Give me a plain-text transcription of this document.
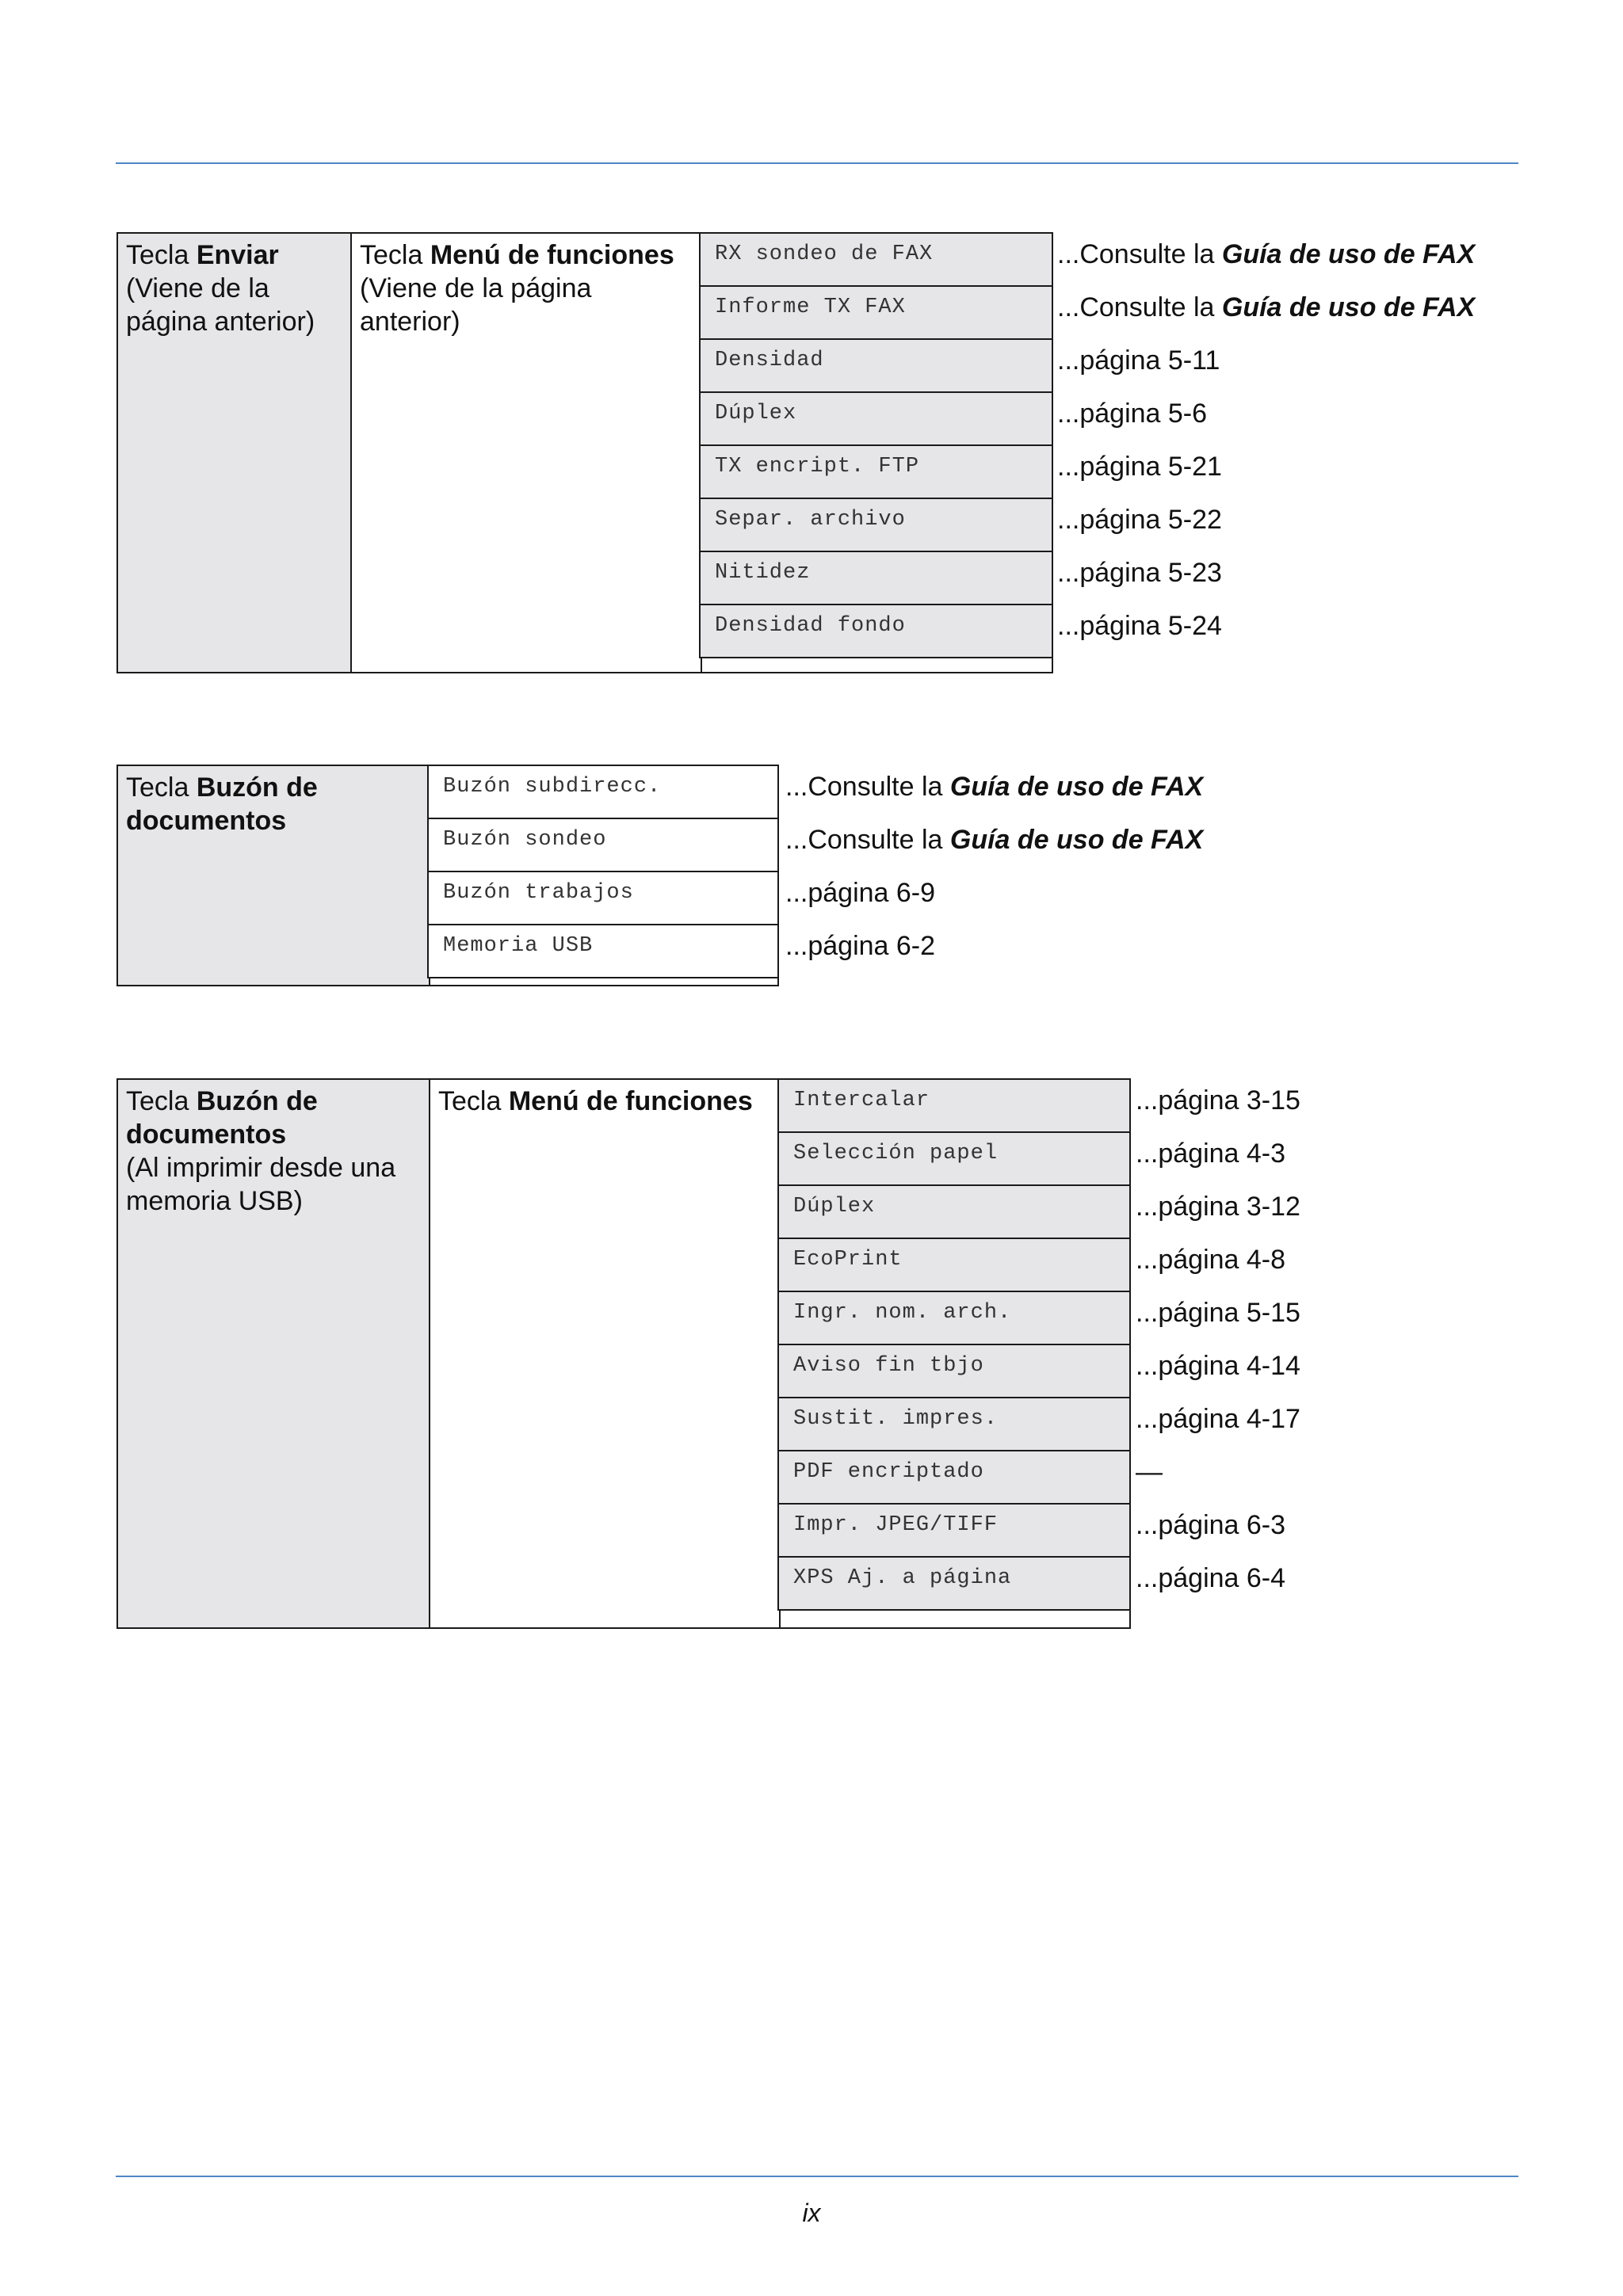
Tecla Enviar

(Viene de la página anterior)
Tecla Menú de funciones

(Viene de la página anterior)
RX sondeo de FAX	...Consulte la Guía de uso de FAX
Informe TX FAX	...Consulte la Guía de uso de FAX
Densidad	...página 5-11
Dúplex	...página 5-6
TX encript. FTP	...página 5-21
Separ. archivo	...página 5-22
Nitidez	...página 5-23
Densidad fondo	...página 5-24
Tecla Buzón de documentos
Buzón subdirecc.	...Consulte la Guía de uso de FAX
Buzón sondeo	...Consulte la Guía de uso de FAX
Buzón trabajos	...página 6-9
Memoria USB	...página 6-2
Tecla Buzón de documentos

(Al imprimir desde una memoria USB)
Tecla Menú de funciones	Intercalar	...página 3-15
Selección papel	...página 4-3
Dúplex	...página 3-12
EcoPrint	...página 4-8
Ingr. nom. arch.	...página 5-15
Aviso fin tbjo	...página 4-14
Sustit. impres.	...página 4-17
PDF encriptado	—
Impr. JPEG/TIFF	...página 6-3
XPS Aj. a página	...página 6-4
ix
